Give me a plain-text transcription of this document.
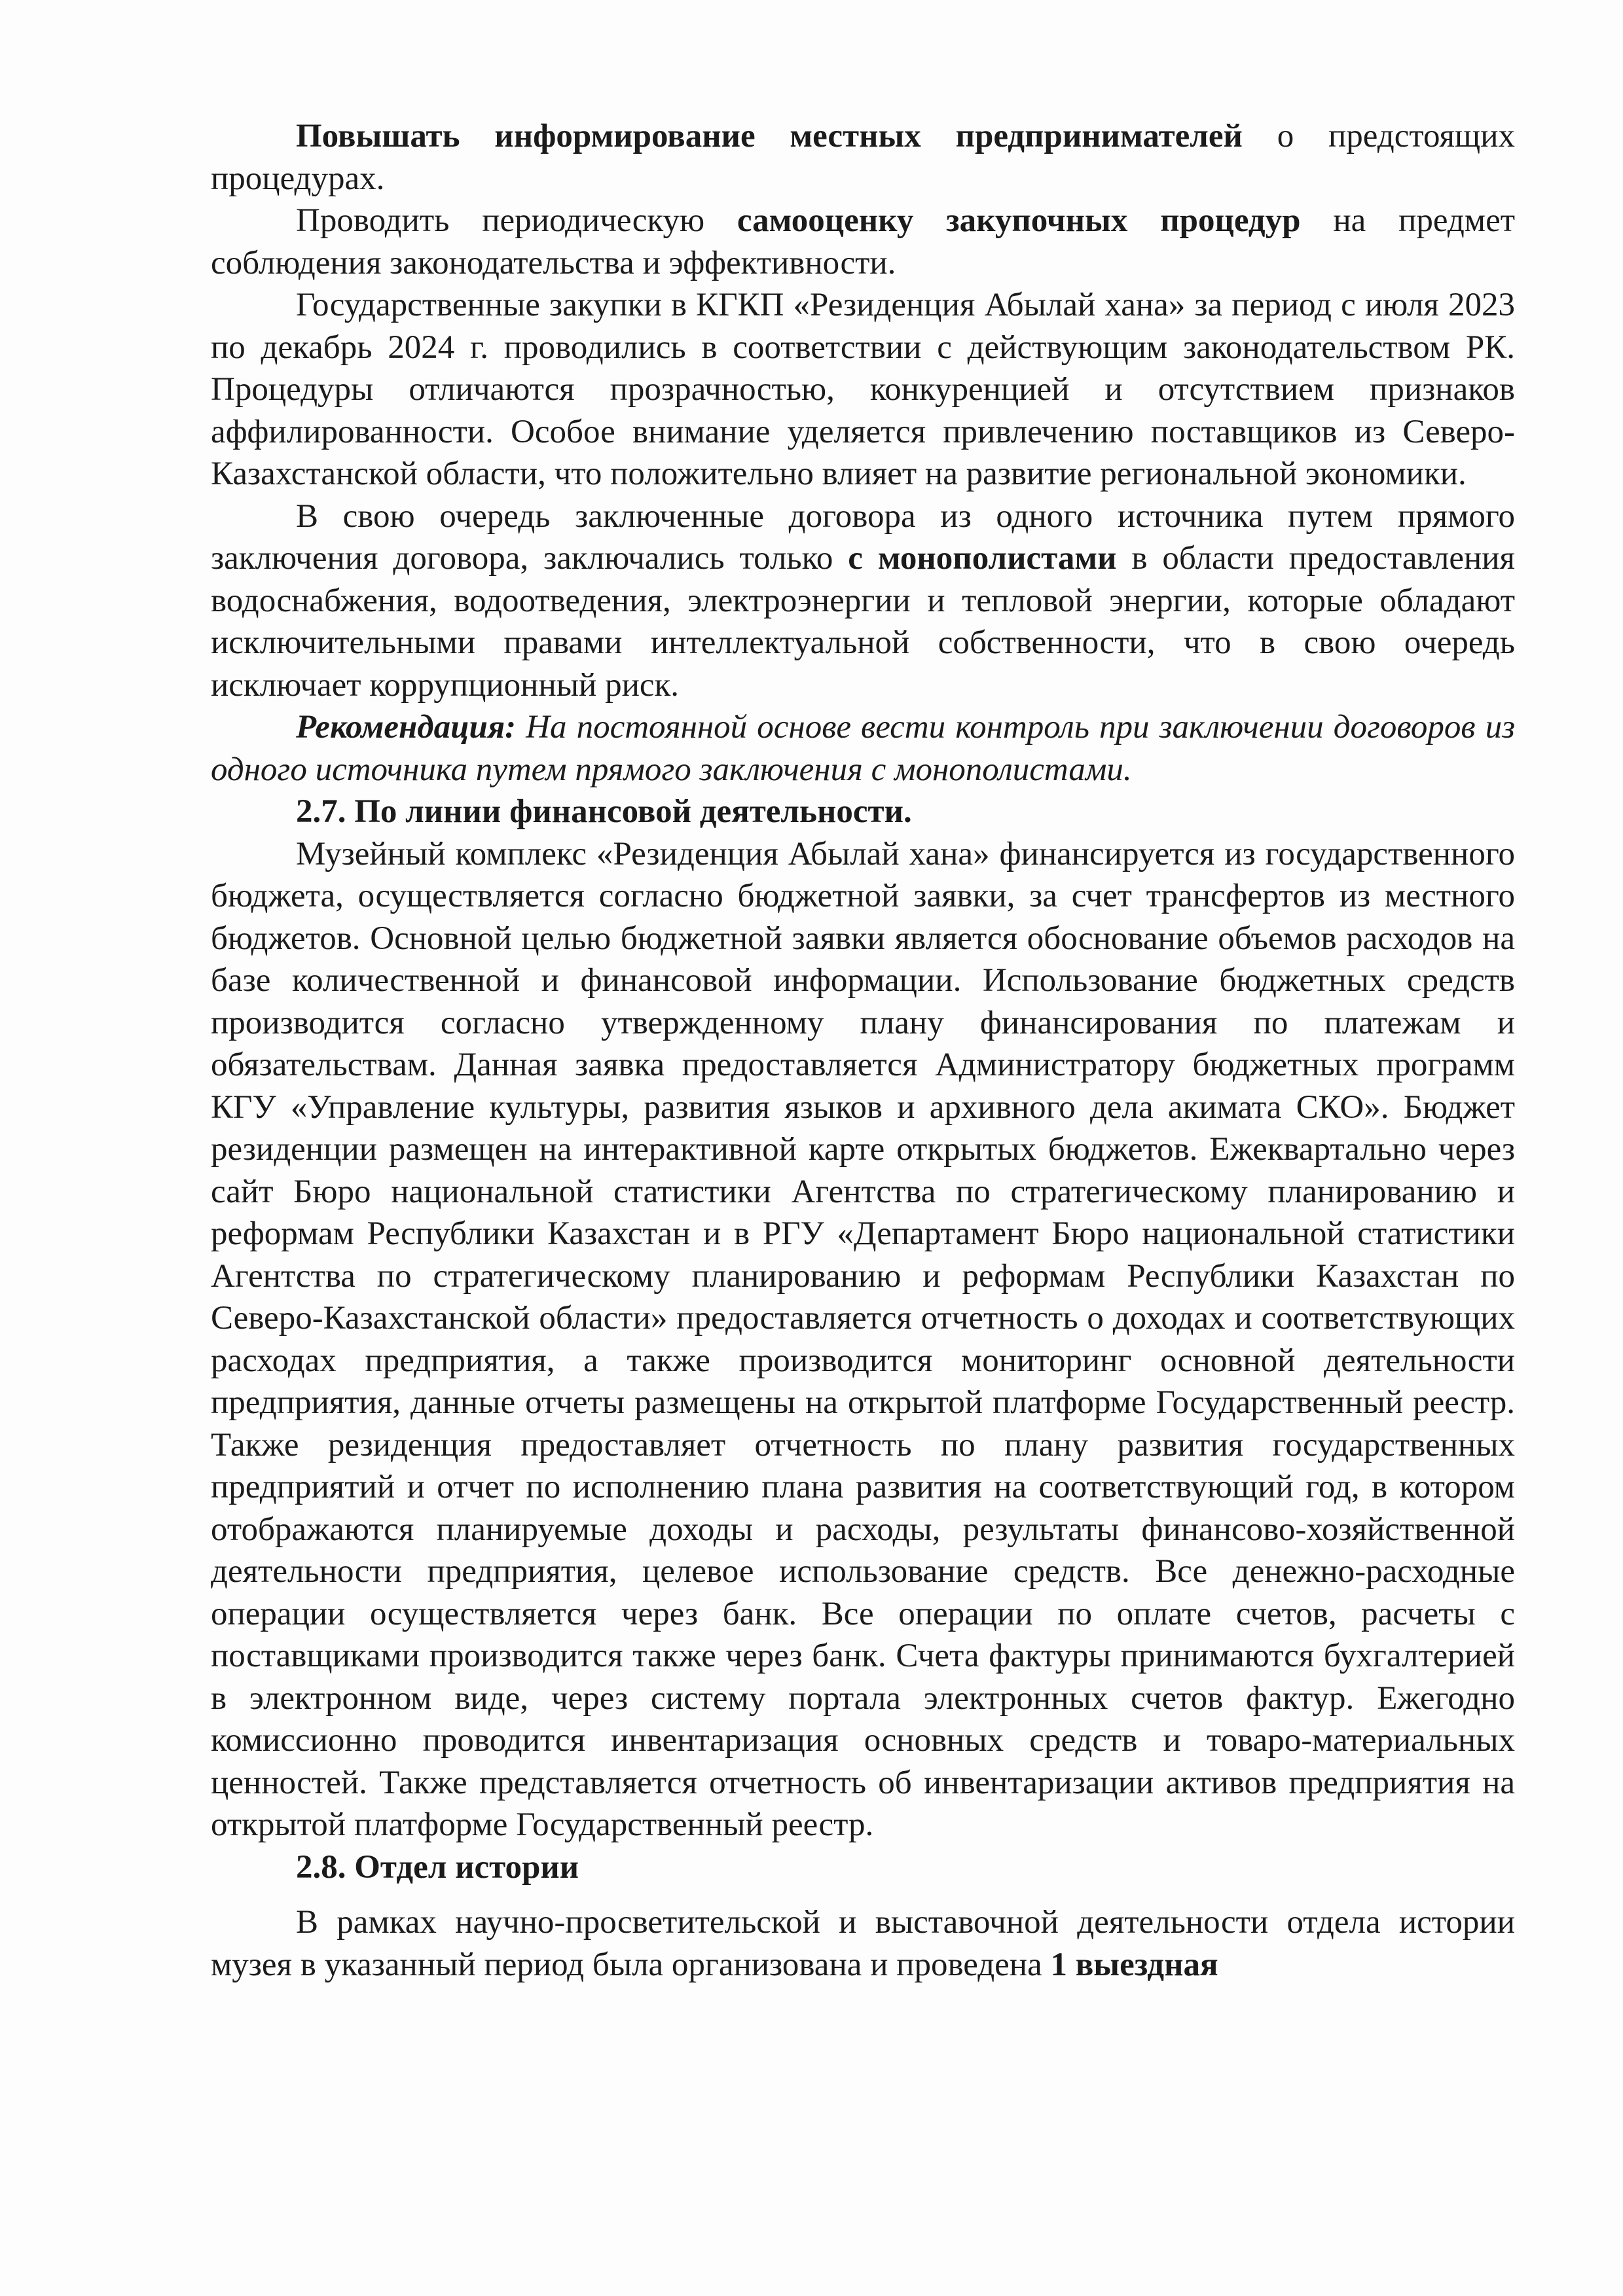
Повышать информирование местных предпринимателей о предстоящих процедурах.

Проводить периодическую самооценку закупочных процедур на предмет соблюдения законодательства и эффективности.

Государственные закупки в КГКП «Резиденция Абылай хана» за период с июля 2023 по декабрь 2024 г. проводились в соответствии с действующим законодательством РК. Процедуры отличаются прозрачностью, конкуренцией и отсутствием признаков аффилированности. Особое внимание уделяется привлечению поставщиков из Северо-Казахстанской области, что положительно влияет на развитие региональной экономики.

В свою очередь заключенные договора из одного источника путем прямого заключения договора, заключались только с монополистами в области предоставления водоснабжения, водоотведения, электроэнергии и тепловой энергии, которые обладают исключительными правами интеллектуальной собственности, что в свою очередь исключает коррупционный риск.

Рекомендация: На постоянной основе вести контроль при заключении договоров из одного источника путем прямого заключения с монополистами.

2.7. По линии финансовой деятельности.

Музейный комплекс «Резиденция Абылай хана» финансируется из государственного бюджета, осуществляется согласно бюджетной заявки, за счет трансфертов из местного бюджетов. Основной целью бюджетной заявки является обоснование объемов расходов на базе количественной и финансовой информации. Использование бюджетных средств производится согласно утвержденному плану финансирования по платежам и обязательствам. Данная заявка предоставляется Администратору бюджетных программ КГУ «Управление культуры, развития языков и архивного дела акимата СКО». Бюджет резиденции размещен на интерактивной карте открытых бюджетов. Ежеквартально через сайт Бюро национальной статистики Агентства по стратегическому планированию и реформам Республики Казахстан и в РГУ «Департамент Бюро национальной статистики Агентства по стратегическому планированию и реформам Республики Казахстан по Северо-Казахстанской области» предоставляется отчетность о доходах и соответствующих расходах предприятия, а также производится мониторинг основной деятельности предприятия, данные отчеты размещены на открытой платформе Государственный реестр. Также резиденция предоставляет отчетность по плану развития государственных предприятий и отчет по исполнению плана развития на соответствующий год, в котором отображаются планируемые доходы и расходы, результаты финансово-хозяйственной деятельности предприятия, целевое использование средств. Все денежно-расходные операции осуществляется через банк. Все операции по оплате счетов, расчеты с поставщиками производится также через банк. Счета фактуры принимаются бухгалтерией в электронном виде, через систему портала электронных счетов фактур. Ежегодно комиссионно проводится инвентаризация основных средств и товаро-материальных ценностей. Также представляется отчетность об инвентаризации активов предприятия на открытой платформе Государственный реестр.

2.8. Отдел истории

В рамках научно-просветительской и выставочной деятельности отдела истории музея в указанный период была организована и проведена 1 выездная
